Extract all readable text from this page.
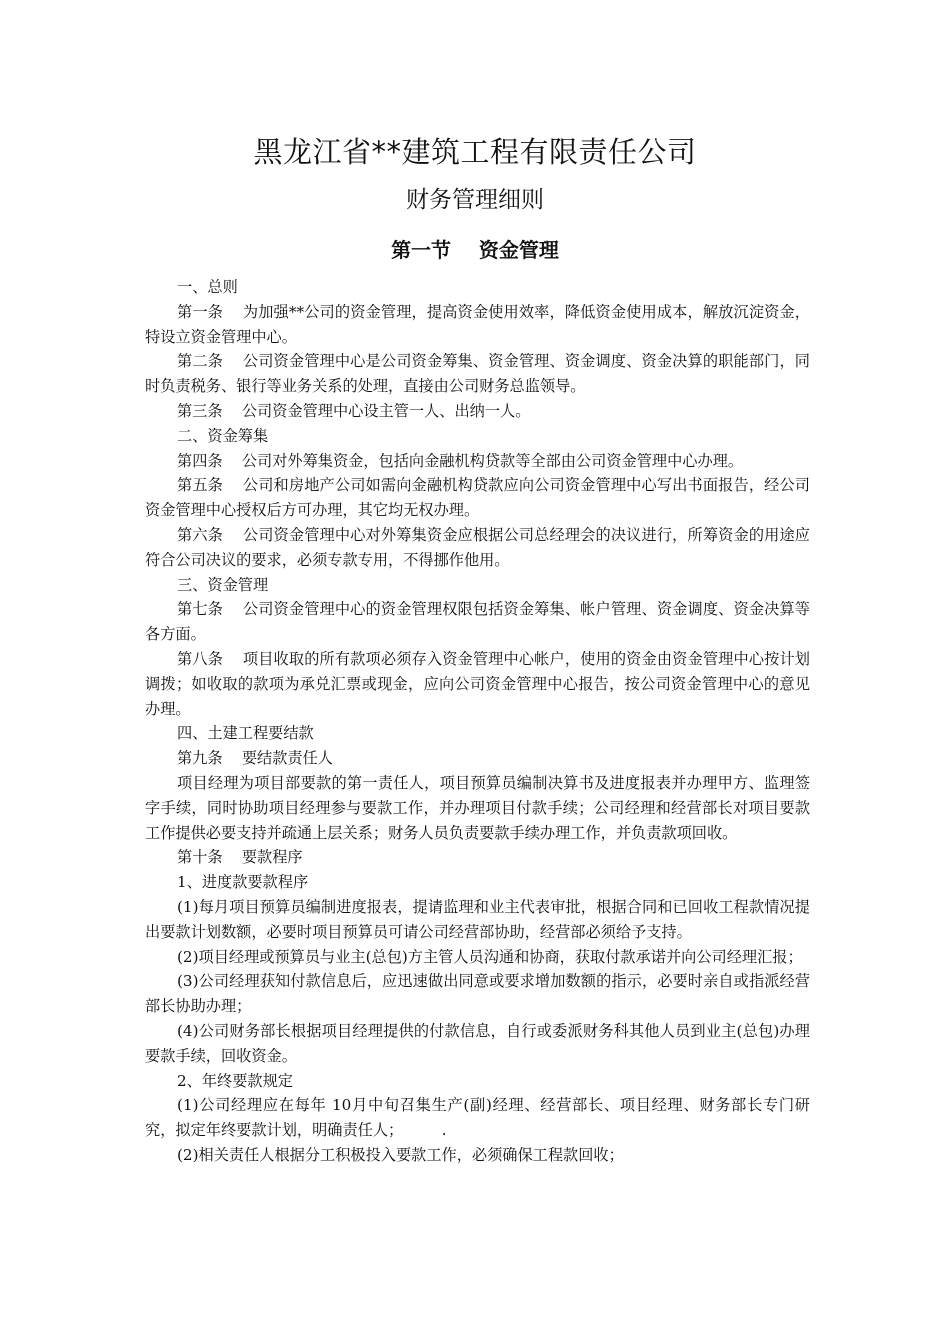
黑龙江省**建筑工程有限责任公司
财务管理细则
第一节    资金管理

一、总则

第一条    为加强**公司的资金管理，提高资金使用效率，降低资金使用成本，解放沉淀资金，特设立资金管理中心。

第二条    公司资金管理中心是公司资金筹集、资金管理、资金调度、资金决算的职能部门，同时负责税务、银行等业务关系的处理，直接由公司财务总监领导。

第三条    公司资金管理中心设主管一人、出纳一人。

二、资金筹集

第四条    公司对外筹集资金，包括向金融机构贷款等全部由公司资金管理中心办理。

第五条    公司和房地产公司如需向金融机构贷款应向公司资金管理中心写出书面报告，经公司资金管理中心授权后方可办理，其它均无权办理。

第六条    公司资金管理中心对外筹集资金应根据公司总经理会的决议进行，所筹资金的用途应符合公司决议的要求，必须专款专用，不得挪作他用。

三、资金管理

第七条    公司资金管理中心的资金管理权限包括资金筹集、帐户管理、资金调度、资金决算等各方面。

第八条    项目收取的所有款项必须存入资金管理中心帐户，使用的资金由资金管理中心按计划调拨；如收取的款项为承兑汇票或现金，应向公司资金管理中心报告，按公司资金管理中心的意见办理。

四、土建工程要结款

第九条    要结款责任人

项目经理为项目部要款的第一责任人，项目预算员编制决算书及进度报表并办理甲方、监理签字手续，同时协助项目经理参与要款工作，并办理项目付款手续；公司经理和经营部长对项目要款工作提供必要支持并疏通上层关系；财务人员负责要款手续办理工作，并负责款项回收。

第十条    要款程序

1、进度款要款程序

(1)每月项目预算员编制进度报表，提请监理和业主代表审批，根据合同和已回收工程款情况提出要款计划数额，必要时项目预算员可请公司经营部协助，经营部必须给予支持。

(2)项目经理或预算员与业主(总包)方主管人员沟通和协商，获取付款承诺并向公司经理汇报；

(3)公司经理获知付款信息后，应迅速做出同意或要求增加数额的指示，必要时亲自或指派经营部长协助办理；

(4)公司财务部长根据项目经理提供的付款信息，自行或委派财务科其他人员到业主(总包)办理要款手续，回收资金。

2、年终要款规定

(1)公司经理应在每年 10月中旬召集生产(副)经理、经营部长、项目经理、财务部长专门研究，拟定年终要款计划，明确责任人；        .

(2)相关责任人根据分工积极投入要款工作，必须确保工程款回收；
